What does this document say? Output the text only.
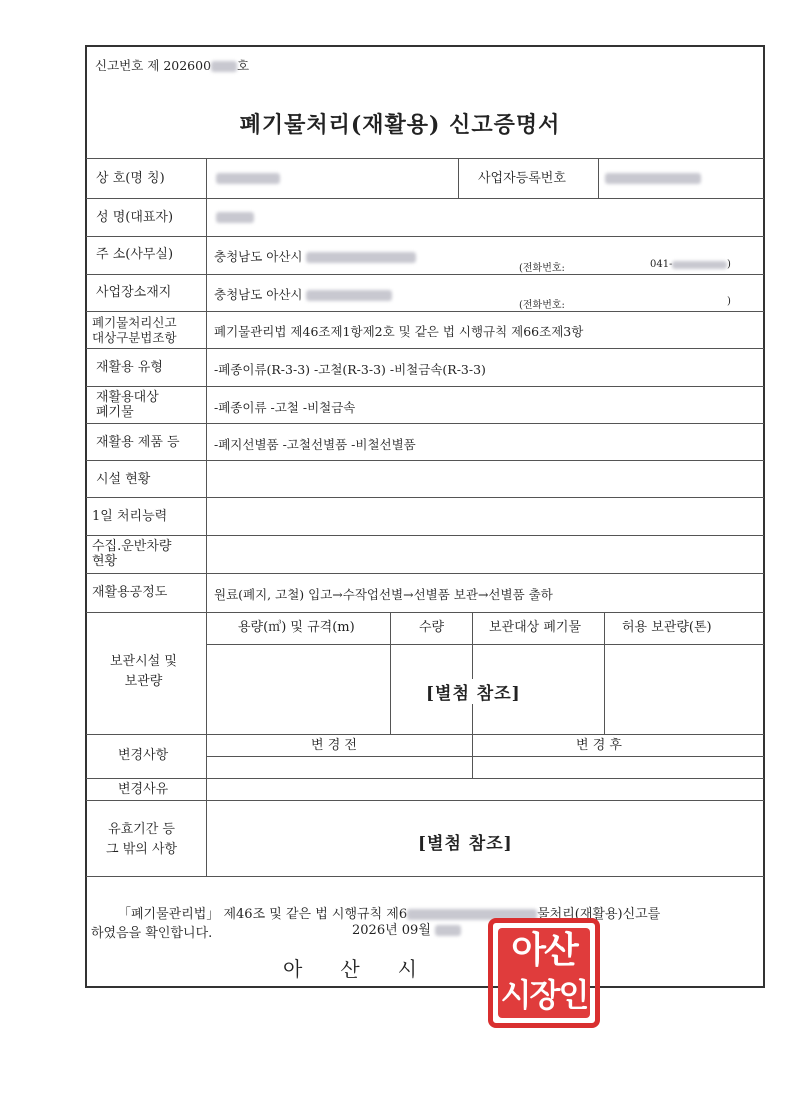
신고번호 제 202600 호
폐기물처리(재활용) 신고증명서
상 호(명 칭)	사업자등록번호
성 명(대표자)
주 소(사무실)	충청남도 아산시
(전화번호:	041-	)
사업장소재지	충청남도 아산시
(전화번호:	)
폐기물처리신고
대상구분법조항	폐기물관리법 제46조제1항제2호 및 같은 법 시행규칙 제66조제3항
재활용 유형	-폐종이류(R-3-3) -고철(R-3-3) -비철금속(R-3-3)
재활용대상
폐기물	-폐종이류 -고철 -비철금속
재활용 제품 등	-폐지선별품 -고철선별품 -비철선별품
시설 현황
1일 처리능력
수집.운반차량
현황
재활용공정도	원료(폐지, 고철) 입고→수작업선별→선별품 보관→선별품 출하
보관시설 및
보관량
용량(㎥) 및 규격(m)	수량	보관대상 폐기물	허용 보관량(톤)
[별첨 참조]
변경사항
변 경 전	변 경 후
변경사유
유효기간 등
그 밖의 사항	[별첨 참조]
「폐기물관리법」 제46조 및 같은 법 시행규칙 제6	물처리(재활용)신고를
하였음을 확인합니다.	2026년 09월
아산시 아산
시장인
